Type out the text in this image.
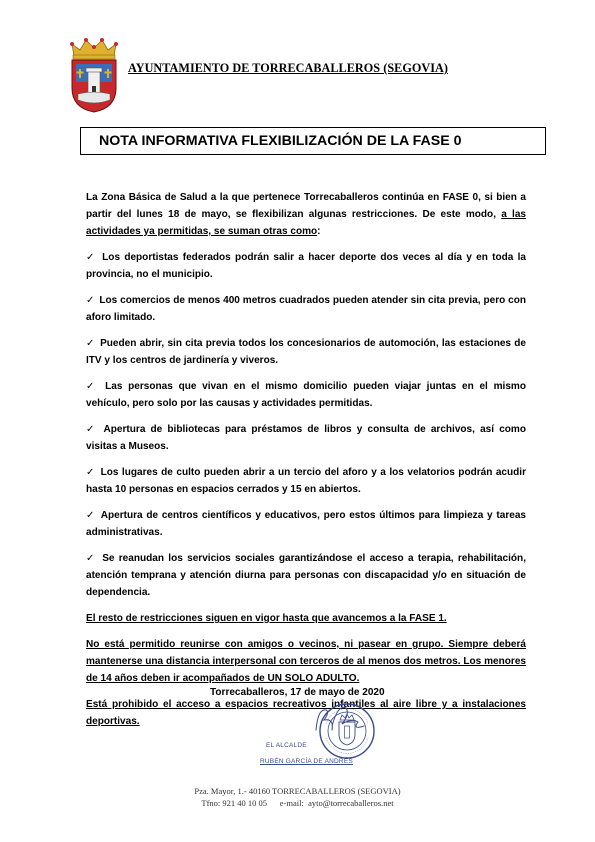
AYUNTAMIENTO DE TORRECABALLEROS (SEGOVIA)
NOTA INFORMATIVA FLEXIBILIZACIÓN DE LA FASE 0

La Zona Básica de Salud a la que pertenece Torrecaballeros continúa en FASE 0, si bien a partir del lunes 18 de mayo, se flexibilizan algunas restricciones. De este modo, a las actividades ya permitidas, se suman otras como:

✓ Los deportistas federados podrán salir a hacer deporte dos veces al día y en toda la provincia, no el municipio.

✓ Los comercios de menos 400 metros cuadrados pueden atender sin cita previa, pero con aforo limitado.

✓ Pueden abrir, sin cita previa todos los concesionarios de automoción, las estaciones de ITV y los centros de jardinería y viveros.

✓ Las personas que vivan en el mismo domicilio pueden viajar juntas en el mismo vehículo, pero solo por las causas y actividades permitidas.

✓ Apertura de bibliotecas para préstamos de libros y consulta de archivos, así como visitas a Museos.

✓ Los lugares de culto pueden abrir a un tercio del aforo y a los velatorios podrán acudir hasta 10 personas en espacios cerrados y 15 en abiertos.

✓ Apertura de centros científicos y educativos, pero estos últimos para limpieza y tareas administrativas.

✓ Se reanudan los servicios sociales garantizándose el acceso a terapia, rehabilitación, atención temprana y atención diurna para personas con discapacidad y/o en situación de dependencia.

El resto de restricciones siguen en vigor hasta que avancemos a la FASE 1.

No está permitido reunirse con amigos o vecinos, ni pasear en grupo. Siempre deberá mantenerse una distancia interpersonal con terceros de al menos dos metros. Los menores de 14 años deben ir acompañados de UN SOLO ADULTO.

Está prohibido el acceso a espacios recreativos infantiles al aire libre y a instalaciones deportivas.

Torrecaballeros, 17 de mayo de 2020
EL ALCALDE
RUBÉN GARCÍA DE ANDRÉS
Pza. Mayor, 1.- 40160 TORRECABALLEROS (SEGOVIA)
Tfno: 921 40 10 05      e-mail:  ayto@torrecaballeros.net
